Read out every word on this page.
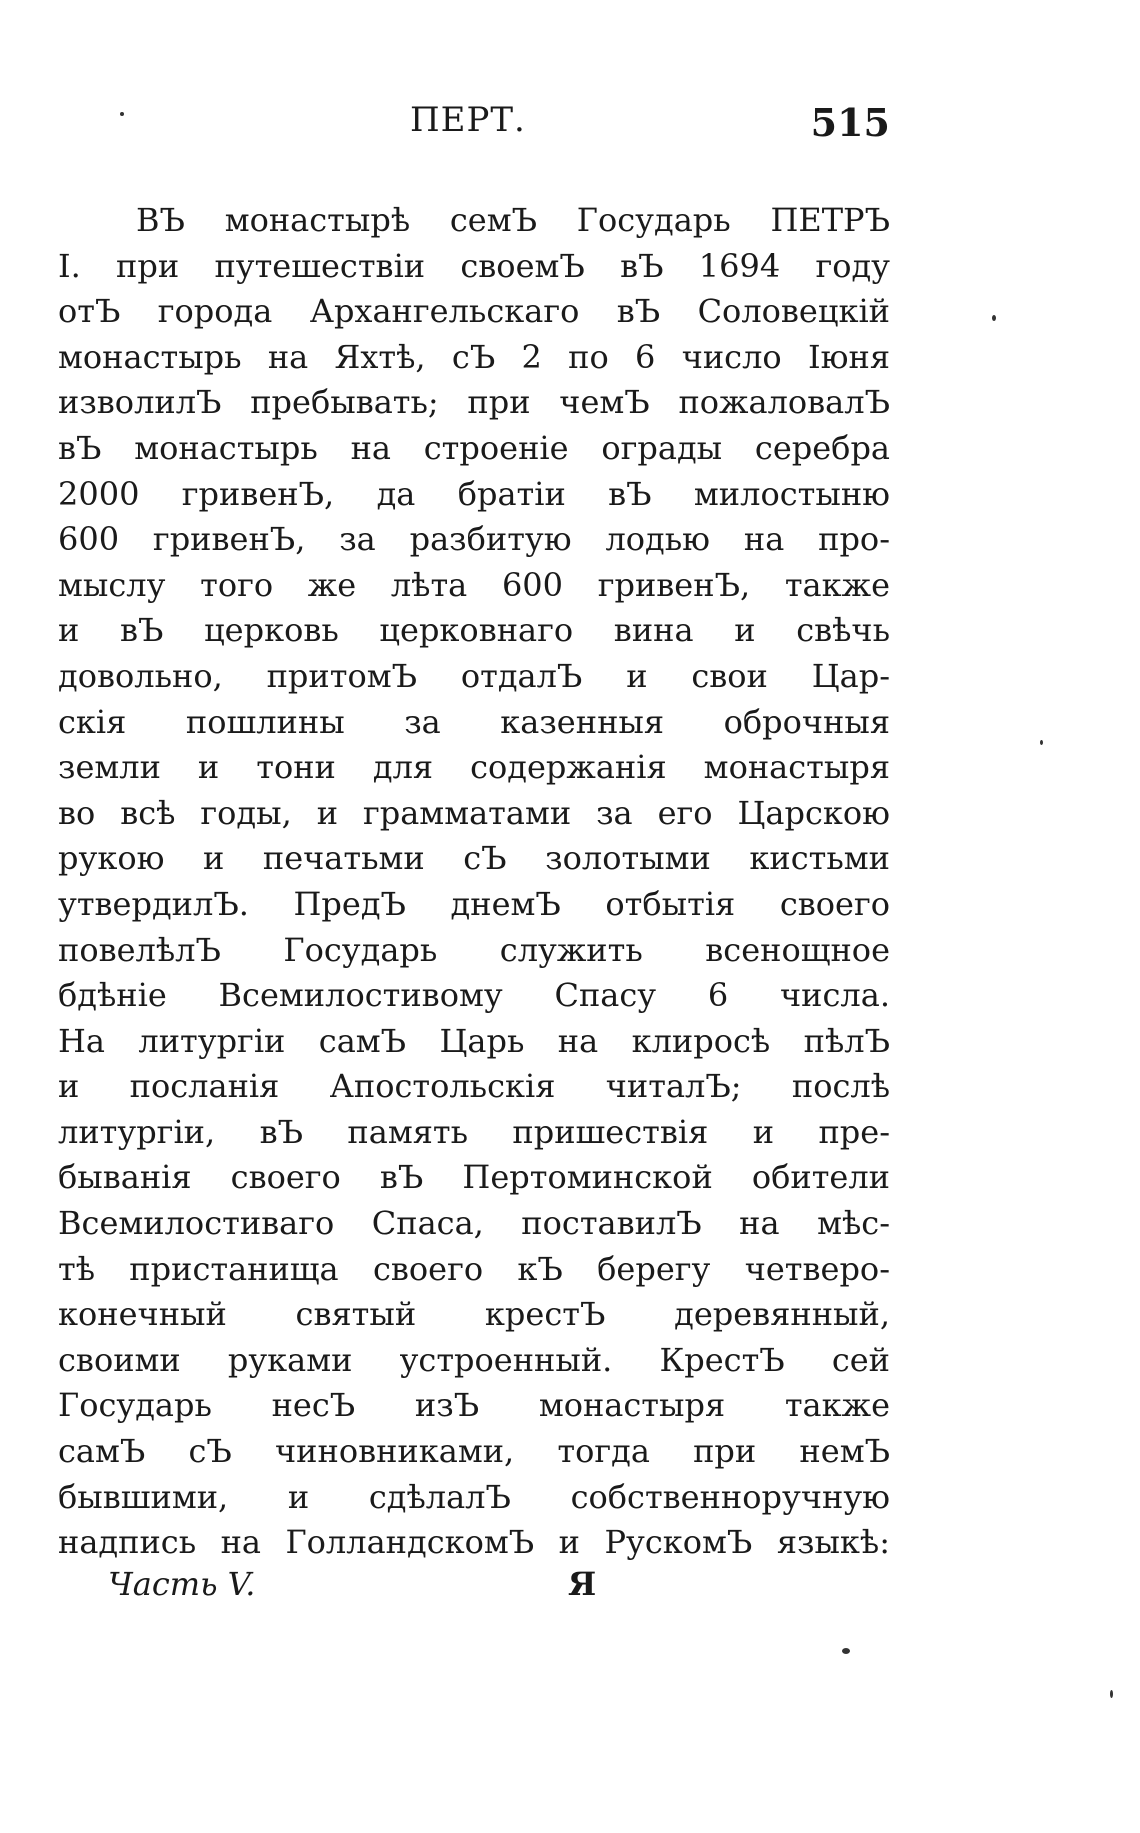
ПЕРТ.	515
ВЪ монастырѣ семЪ Государь ПЕТРЪ
I. при путешествіи своемЪ вЪ 1694 году
отЪ города Архангельскаго вЪ Соловецкій
монастырь на Яхтѣ, сЪ 2 по 6 число Іюня
изволилЪ пребывать; при чемЪ пожаловалЪ
вЪ монастырь на строеніе ограды серебра
2000 гривенЪ, да братіи вЪ милостыню
600 гривенЪ, за разбитую лодью на про-
мыслу того же лѣта 600 гривенЪ, также
и вЪ церковь церковнаго вина и свѣчь
довольно, притомЪ отдалЪ и свои Цар-
скія пошлины за казенныя оброчныя
земли и тони для содержанія монастыря
во всѣ годы, и грамматами за его Царскою
рукою и печатьми сЪ золотыми кистьми
утвердилЪ. ПредЪ днемЪ отбытія своего
повелѣлЪ Государь служить всенощное
бдѣніе Всемилостивому Спасу 6 числа.
На литургіи самЪ Царь на клиросѣ пѣлЪ
и посланія Апостольскія читалЪ; послѣ
литургіи, вЪ память пришествія и пре-
быванія своего вЪ Пертоминской обители
Всемилостиваго Спаса, поставилЪ на мѣс-
тѣ пристанища своего кЪ берегу четверо-
конечный святый крестЪ деревянный,
своими руками устроенный. КрестЪ сей
Государь несЪ изЪ монастыря также
самЪ сЪ чиновниками, тогда при немЪ
бывшими, и сдѣлалЪ собственноручную
надпись на ГолландскомЪ и РускомЪ языкѣ:
Часть V.	Я
